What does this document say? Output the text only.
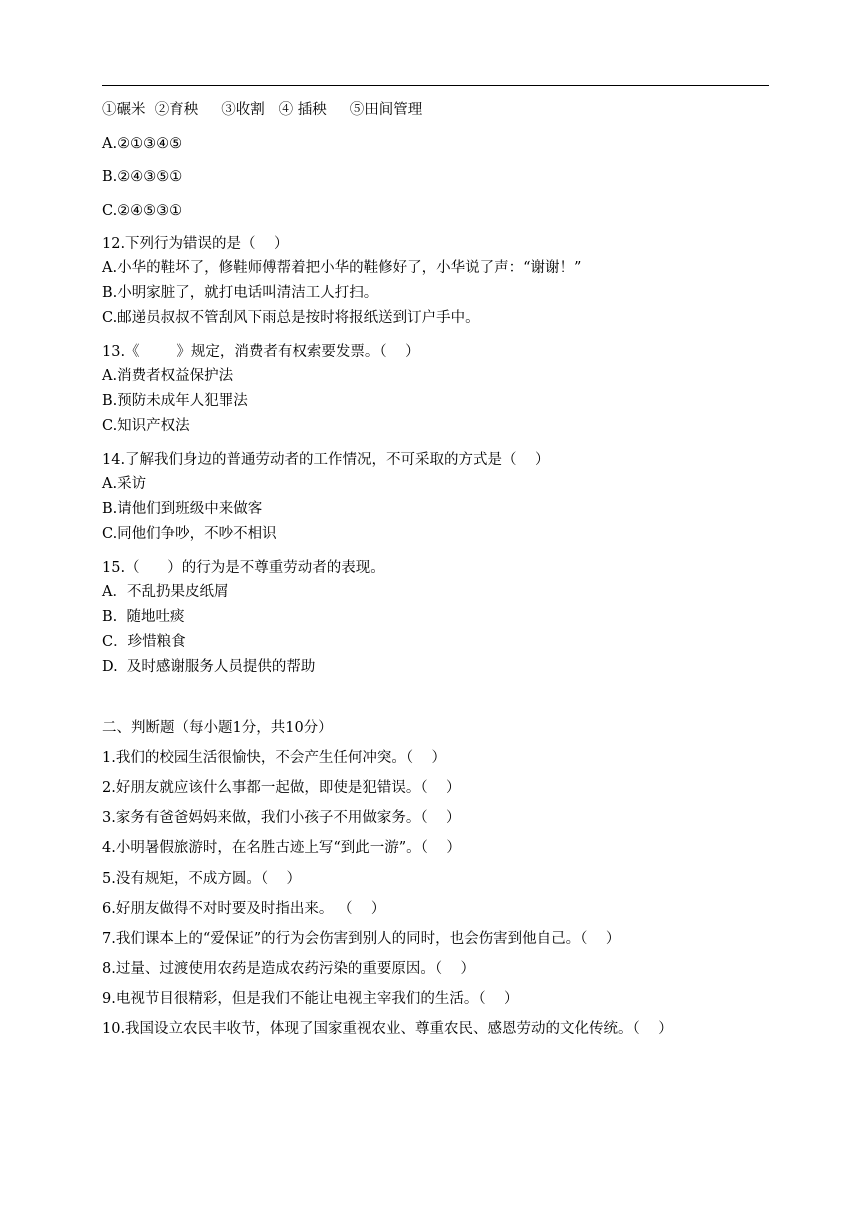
①碾米  ②育秧     ③收割   ④ 插秧     ⑤田间管理
A.②①③④⑤
B.②④③⑤①
C.②④⑤③①
12.下列行为错误的是（    ）
A.小华的鞋坏了，修鞋师傅帮着把小华的鞋修好了，小华说了声：“谢谢！”
B.小明家脏了，就打电话叫清洁工人打扫。
C.邮递员叔叔不管刮风下雨总是按时将报纸送到订户手中。
13.《        》规定，消费者有权索要发票。（    ）
A.消费者权益保护法
B.预防未成年人犯罪法
C.知识产权法
14.了解我们身边的普通劳动者的工作情况，不可采取的方式是（    ）
A.采访
B.请他们到班级中来做客
C.同他们争吵，不吵不相识
15.（      ）的行为是不尊重劳动者的表现。
A．不乱扔果皮纸屑
B.  随地吐痰
C．珍惜粮食
D.  及时感谢服务人员提供的帮助
二、判断题（每小题1分，共10分）
1.我们的校园生活很愉快，不会产生任何冲突。（    ）
2.好朋友就应该什么事都一起做，即使是犯错误。（    ）
3.家务有爸爸妈妈来做，我们小孩子不用做家务。（    ）
4.小明暑假旅游时，在名胜古迹上写“到此一游”。（    ）
5.没有规矩，不成方圆。（    ）
6.好朋友做得不对时要及时指出来。 （    ）
7.我们课本上的“爱保证”的行为会伤害到别人的同时，也会伤害到他自己。（    ）
8.过量、过渡使用农药是造成农药污染的重要原因。（    ）
9.电视节目很精彩，但是我们不能让电视主宰我们的生活。（    ）
10.我国设立农民丰收节，体现了国家重视农业、尊重农民、感恩劳动的文化传统。（    ）
